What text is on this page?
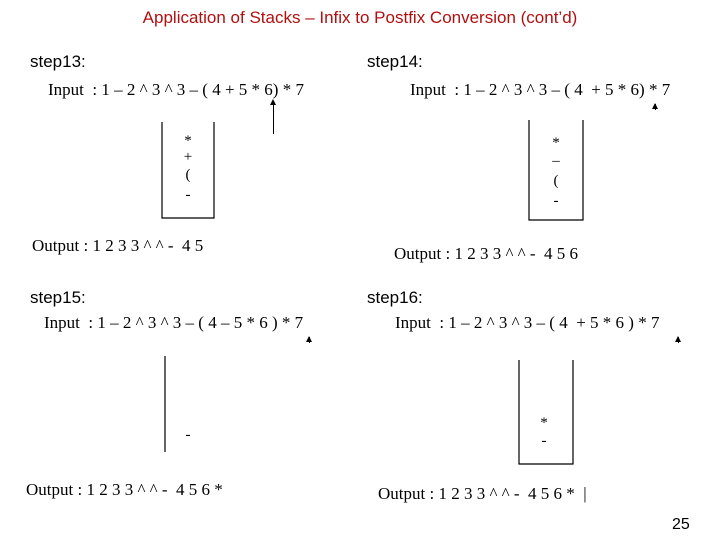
Application of Stacks – Infix to Postfix Conversion (cont’d)
step13:
Input  : 1 – 2 ^ 3 ^ 3 – ( 4 + 5 * 6) * 7
*
+
(
-
Output : 1 2 3 3 ^ ^ -  4 5
step14:
Input  : 1 – 2 ^ 3 ^ 3 – ( 4  + 5 * 6) * 7
*
–
(
-
Output : 1 2 3 3 ^ ^ -  4 5 6
step15:
Input  : 1 – 2 ^ 3 ^ 3 – ( 4 – 5 * 6 ) * 7
-
Output : 1 2 3 3 ^ ^ -  4 5 6 *
step16:
Input  : 1 – 2 ^ 3 ^ 3 – ( 4  + 5 * 6 ) * 7
*
-
Output : 1 2 3 3 ^ ^ -  4 5 6 *  |
25
